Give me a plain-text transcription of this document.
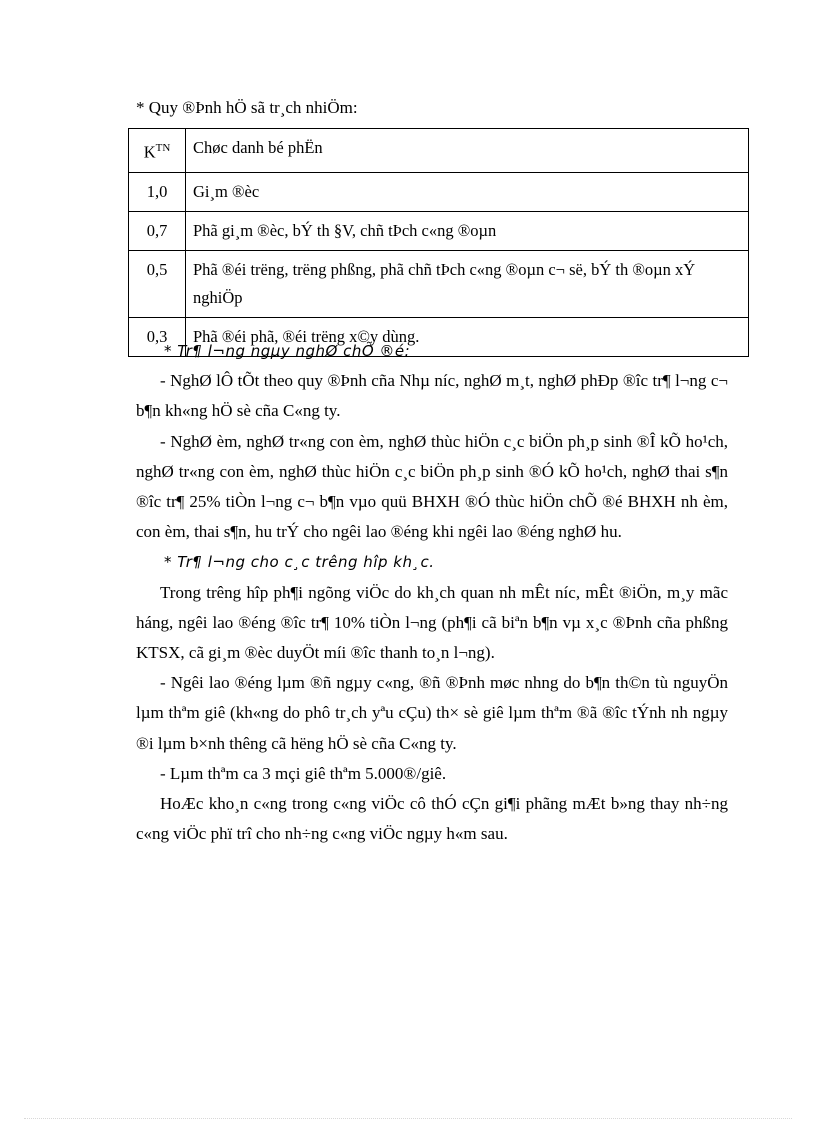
* Quy ®Þnh hÖ sã tr¸ch nhiÖm:
$K^{TN}$	Chøc danh bé phËn
1,0	Gi¸m ®èc
0,7	Phã gi¸m ®èc, bÝ th §V, chñ tÞch c«ng ®oµn
0,5	Phã ®éi trëng, trëng phßng, phã chñ tÞch c«ng ®oµn c¬ së, bÝ th ®oµn xÝ nghiÖp
0,3	Phã ®éi phã, ®éi trëng x©y dùng.

* Tr¶ l¬ng ngµy nghØ chÕ ®é:

- NghØ lÔ tÕt theo quy ®Þnh cña Nhµ níc, nghØ m¸t, nghØ phÐp ®îc tr¶ l¬ng c¬ b¶n kh«ng hÖ sè cña C«ng ty.

- NghØ èm, nghØ tr«ng con èm, nghØ thùc hiÖn c¸c biÖn ph¸p sinh ®Î kÕ ho¹ch, nghØ tr«ng con èm, nghØ thùc hiÖn c¸c biÖn ph¸p sinh ®Ó kÕ ho¹ch, nghØ thai s¶n ®îc tr¶ 25% tiÒn l¬ng c¬ b¶n vµo quü BHXH ®Ó thùc hiÖn chÕ ®é BHXH nh èm, con èm, thai s¶n, hu trÝ cho ngêi lao ®éng khi ngêi lao ®éng nghØ hu.

* Tr¶ l¬ng cho c¸c trêng hîp kh¸c.

Trong trêng hîp ph¶i ngõng viÖc do kh¸ch quan nh mÊt níc, mÊt ®iÖn, m¸y mãc háng, ngêi lao ®éng ®îc tr¶ 10% tiÒn l¬ng (ph¶i cã biªn b¶n vµ x¸c ®Þnh cña phßng KTSX, cã gi¸m ®èc duyÖt míi ®îc thanh to¸n l¬ng).

- Ngêi lao ®éng lµm ®ñ ngµy c«ng, ®ñ ®Þnh møc nhng do b¶n th©n tù nguyÖn lµm thªm giê (kh«ng do phô tr¸ch yªu cÇu) th× sè giê lµm thªm ®ã ®îc tÝnh nh ngµy ®i lµm b×nh thêng cã hëng hÖ sè cña C«ng ty.

- Lµm thªm ca 3 mçi giê thªm 5.000®/giê.

HoÆc kho¸n c«ng trong c«ng viÖc cô thÓ cÇn gi¶i phãng mÆt b»ng thay nh÷ng c«ng viÖc phï trî cho nh÷ng c«ng viÖc ngµy h«m sau.
